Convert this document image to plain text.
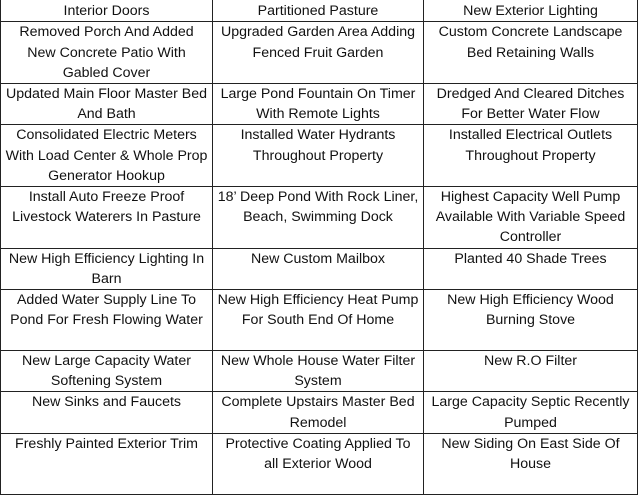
Interior Doors	Partitioned Pasture	New Exterior Lighting
Removed Porch And Added New Concrete Patio With Gabled Cover	Upgraded Garden Area Adding Fenced Fruit Garden	Custom Concrete Landscape Bed Retaining Walls
Updated Main Floor Master Bed And Bath	Large Pond Fountain On Timer With Remote Lights	Dredged And Cleared Ditches For Better Water Flow
Consolidated Electric Meters With Load Center & Whole Prop Generator Hookup	Installed Water Hydrants Throughout Property	Installed Electrical Outlets Throughout Property
Install Auto Freeze Proof Livestock Waterers In Pasture	18’ Deep Pond With Rock Liner, Beach, Swimming Dock	Highest Capacity Well Pump Available With Variable Speed Controller
New High Efficiency Lighting In Barn	New Custom Mailbox	Planted 40 Shade Trees
Added Water Supply Line To Pond For Fresh Flowing Water	New High Efficiency Heat Pump For South End Of Home	New High Efficiency Wood Burning Stove
New Large Capacity Water Softening System	New Whole House Water Filter System	New R.O Filter
New Sinks and Faucets	Complete Upstairs Master Bed Remodel	Large Capacity Septic Recently Pumped
Freshly Painted Exterior Trim	Protective Coating Applied To all Exterior Wood	New Siding On East Side Of House
